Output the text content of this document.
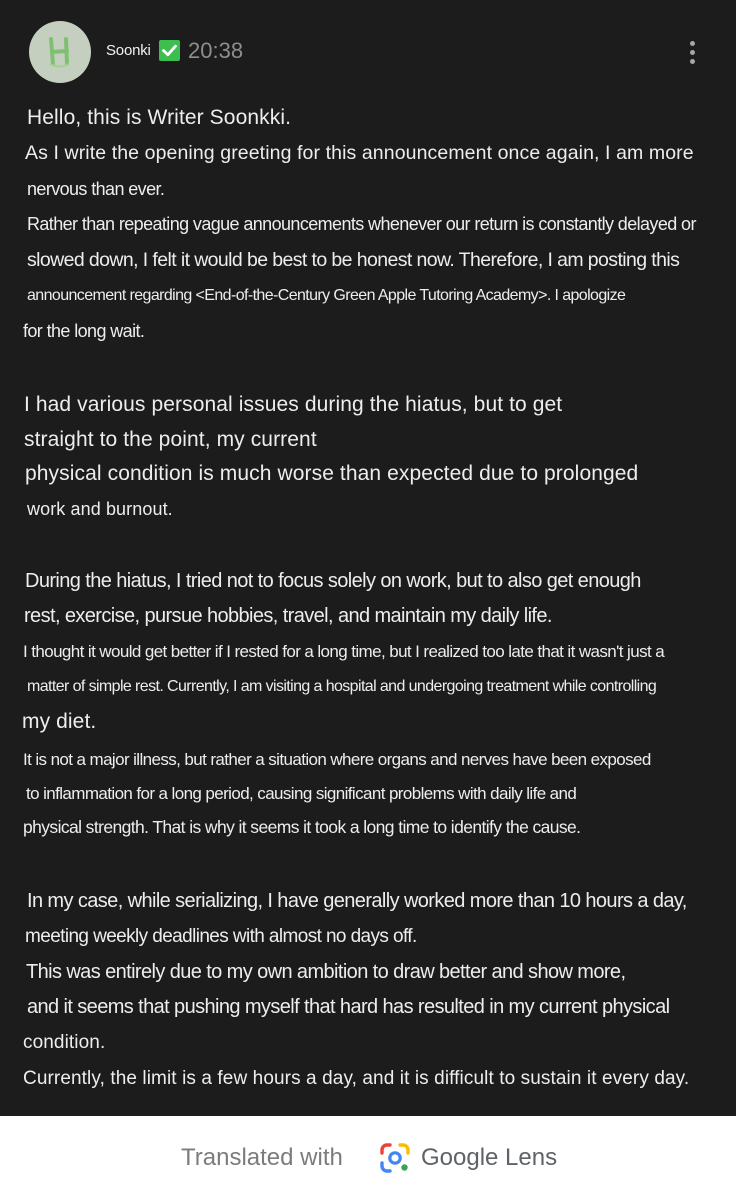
Soonki 20:38
Hello, this is Writer Soonkki.
As I write the opening greeting for this announcement once again, I am more
nervous than ever.
Rather than repeating vague announcements whenever our return is constantly delayed or
slowed down, I felt it would be best to be honest now. Therefore, I am posting this
announcement regarding <End-of-the-Century Green Apple Tutoring Academy>. I apologize
for the long wait.
I had various personal issues during the hiatus, but to get
straight to the point, my current
physical condition is much worse than expected due to prolonged
work and burnout.
During the hiatus, I tried not to focus solely on work, but to also get enough
rest, exercise, pursue hobbies, travel, and maintain my daily life.
I thought it would get better if I rested for a long time, but I realized too late that it wasn't just a
matter of simple rest. Currently, I am visiting a hospital and undergoing treatment while controlling
my diet.
It is not a major illness, but rather a situation where organs and nerves have been exposed
to inflammation for a long period, causing significant problems with daily life and
physical strength. That is why it seems it took a long time to identify the cause.
In my case, while serializing, I have generally worked more than 10 hours a day,
meeting weekly deadlines with almost no days off.
This was entirely due to my own ambition to draw better and show more,
and it seems that pushing myself that hard has resulted in my current physical
condition.
Currently, the limit is a few hours a day, and it is difficult to sustain it every day.
Translated with	Google Lens
